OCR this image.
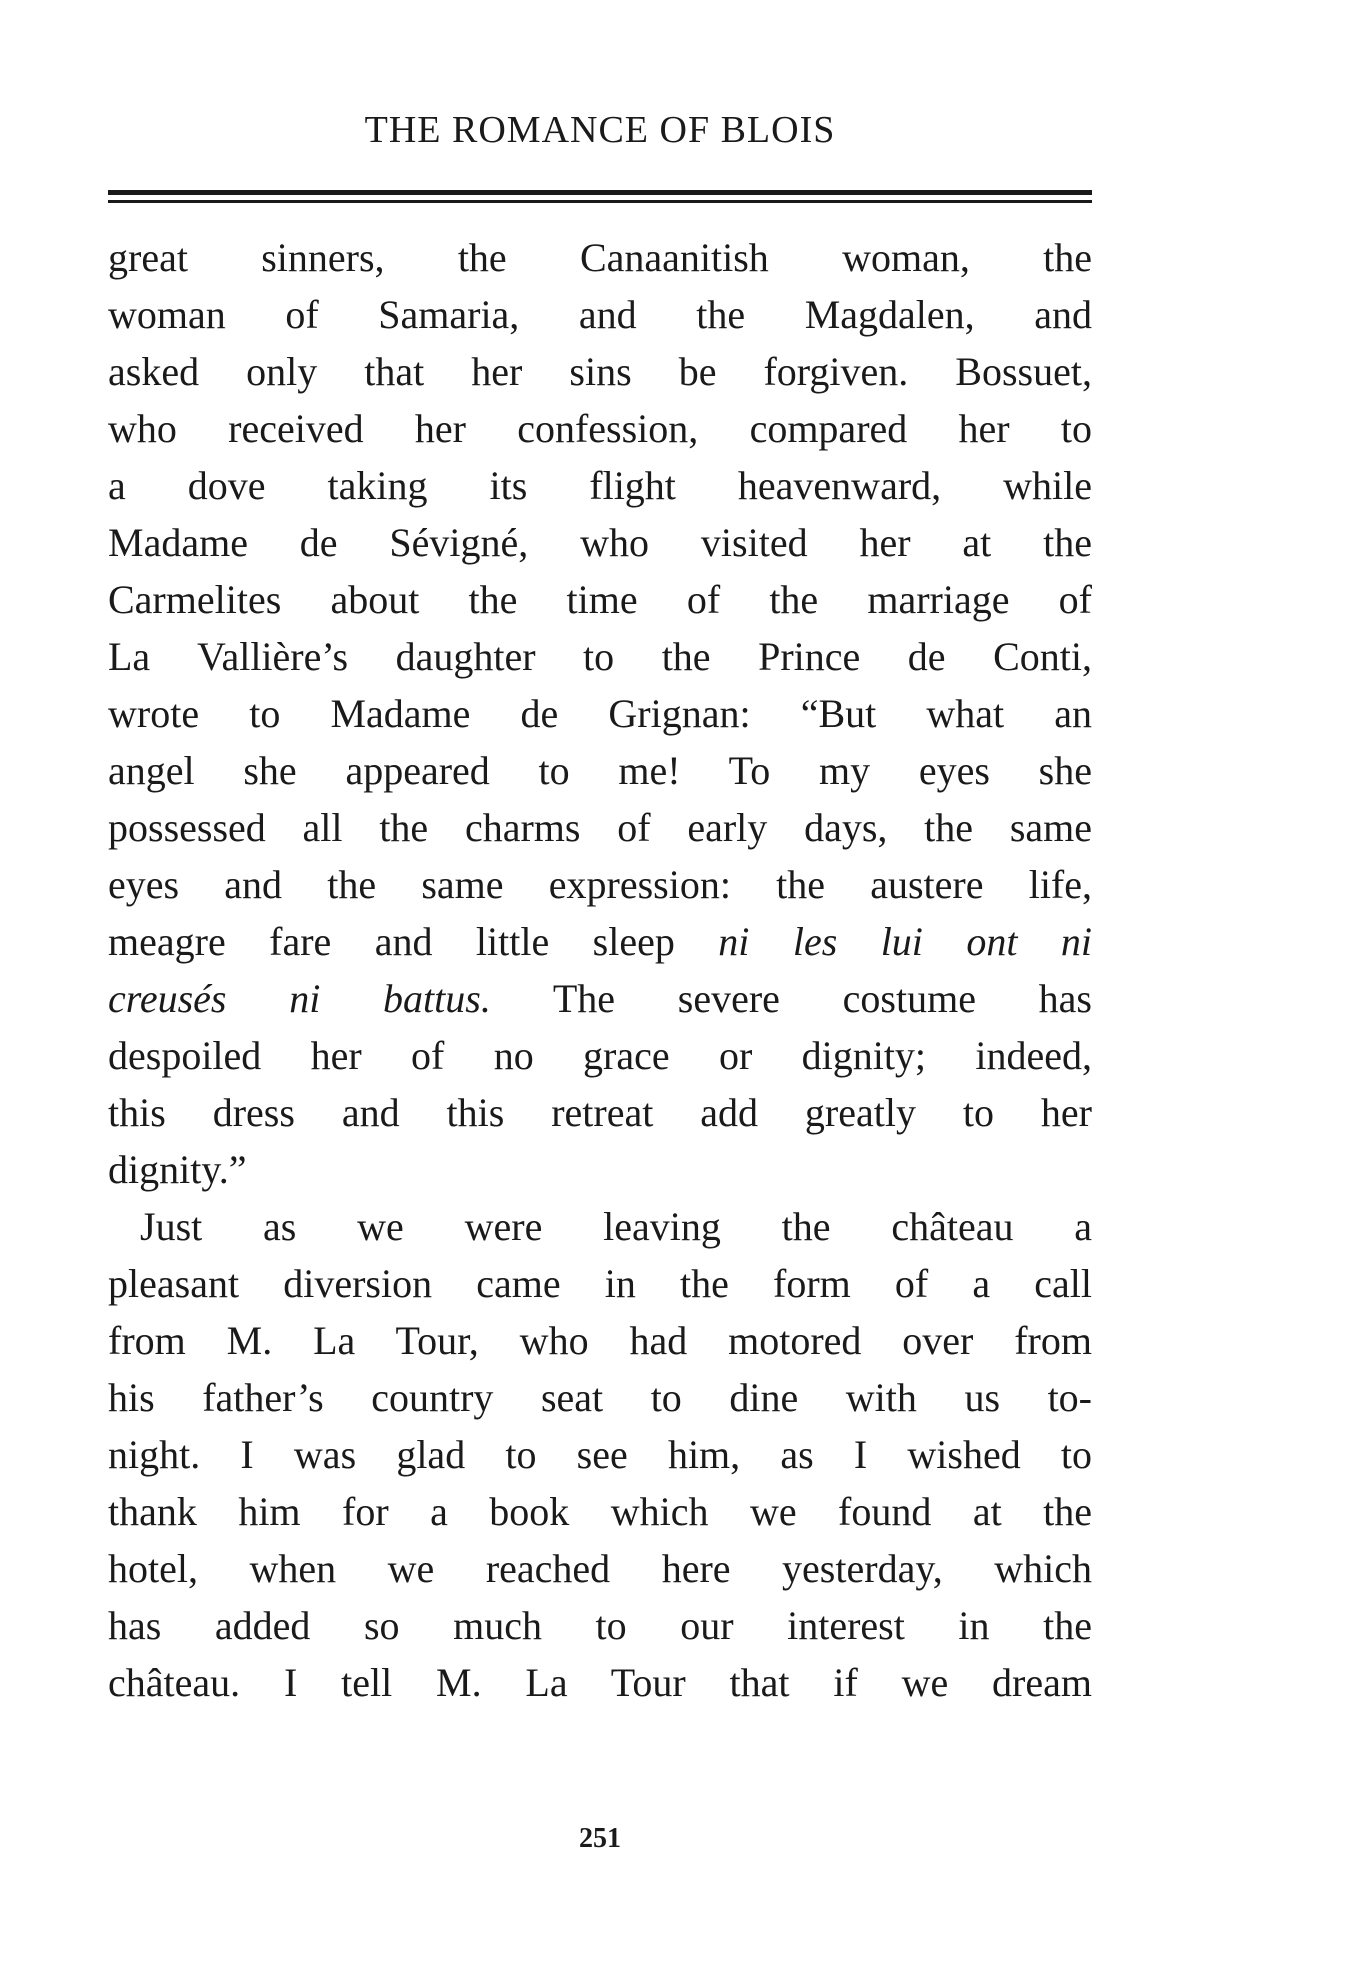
THE ROMANCE OF BLOIS
great sinners, the Canaanitish woman, the
woman of Samaria, and the Magdalen, and
asked only that her sins be forgiven. Bossuet,
who received her confession, compared her to
a dove taking its flight heavenward, while
Madame de Sévigné, who visited her at the
Carmelites about the time of the marriage of
La Vallière’s daughter to the Prince de Conti,
wrote to Madame de Grignan: “But what an
angel she appeared to me! To my eyes she
possessed all the charms of early days, the same
eyes and the same expression: the austere life,
meagre fare and little sleep ni les lui ont ni
creusés ni battus. The severe costume has
despoiled her of no grace or dignity; indeed,
this dress and this retreat add greatly to her
dignity.”
Just as we were leaving the château a
pleasant diversion came in the form of a call
from M. La Tour, who had motored over from
his father’s country seat to dine with us to-
night. I was glad to see him, as I wished to
thank him for a book which we found at the
hotel, when we reached here yesterday, which
has added so much to our interest in the
château. I tell M. La Tour that if we dream
251
